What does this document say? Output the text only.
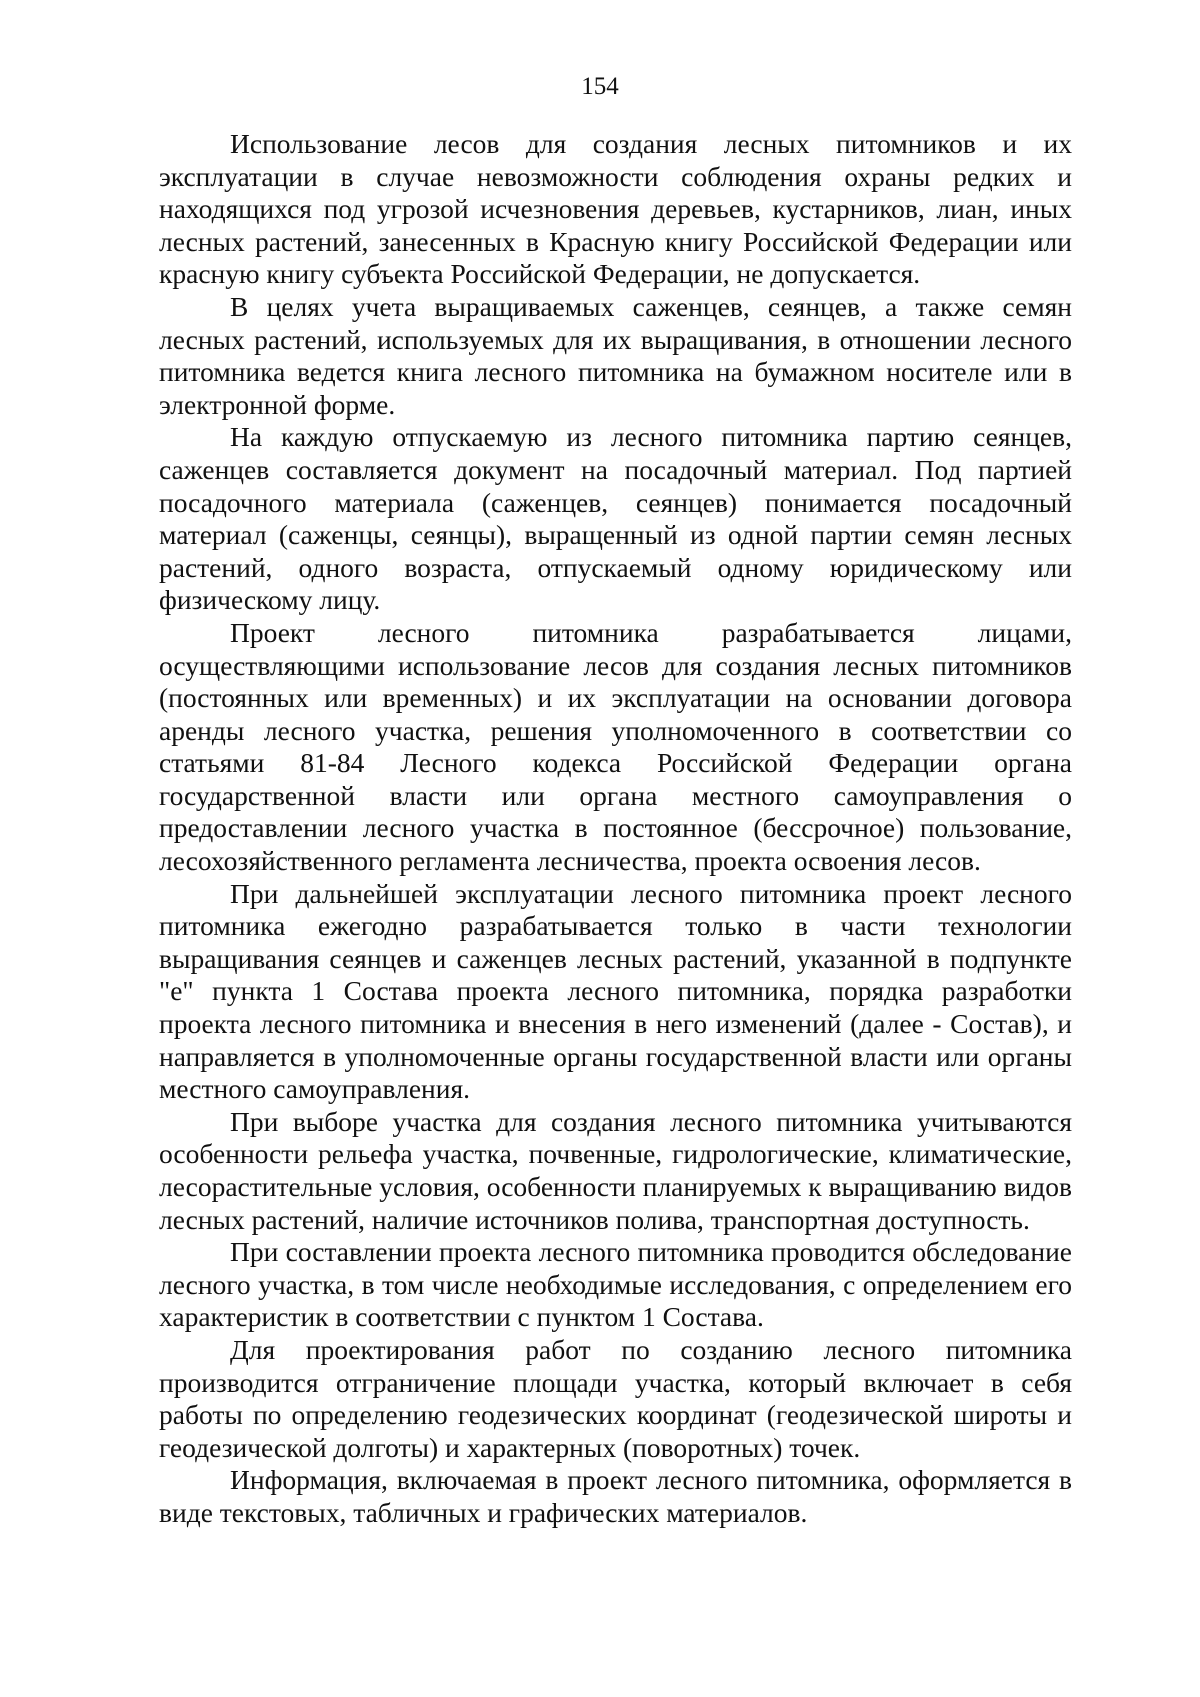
154

Использование лесов для создания лесных питомников и их эксплуатации в случае невозможности соблюдения охраны редких и находящихся под угрозой исчезновения деревьев, кустарников, лиан, иных лесных растений, занесенных в Красную книгу Российской Федерации или красную книгу субъекта Российской Федерации, не допускается.

В целях учета выращиваемых саженцев, сеянцев, а также семян лесных растений, используемых для их выращивания, в отношении лесного питомника ведется книга лесного питомника на бумажном носителе или в электронной форме.

На каждую отпускаемую из лесного питомника партию сеянцев, саженцев составляется документ на посадочный материал. Под партией посадочного материала (саженцев, сеянцев) понимается посадочный материал (саженцы, сеянцы), выращенный из одной партии семян лесных растений, одного возраста, отпускаемый одному юридическому или физическому лицу.

Проект лесного питомника разрабатывается лицами, осуществляющими использование лесов для создания лесных питомников (постоянных или временных) и их эксплуатации на основании договора аренды лесного участка, решения уполномоченного в соответствии со статьями 81-84 Лесного кодекса Российской Федерации органа государственной власти или органа местного самоуправления о предоставлении лесного участка в постоянное (бессрочное) пользование, лесохозяйственного регламента лесничества, проекта освоения лесов.

При дальнейшей эксплуатации лесного питомника проект лесного питомника ежегодно разрабатывается только в части технологии выращивания сеянцев и саженцев лесных растений, указанной в подпункте "е" пункта 1 Состава проекта лесного питомника, порядка разработки проекта лесного питомника и внесения в него изменений (далее - Состав), и направляется в уполномоченные органы государственной власти или органы местного самоуправления.

При выборе участка для создания лесного питомника учитываются особенности рельефа участка, почвенные, гидрологические, климатические, лесорастительные условия, особенности планируемых к выращиванию видов лесных растений, наличие источников полива, транспортная доступность.

При составлении проекта лесного питомника проводится обследование лесного участка, в том числе необходимые исследования, с определением его характеристик в соответствии с пунктом 1 Состава.

Для проектирования работ по созданию лесного питомника производится отграничение площади участка, который включает в себя работы по определению геодезических координат (геодезической широты и геодезической долготы) и характерных (поворотных) точек.

Информация, включаемая в проект лесного питомника, оформляется в виде текстовых, табличных и графических материалов.
